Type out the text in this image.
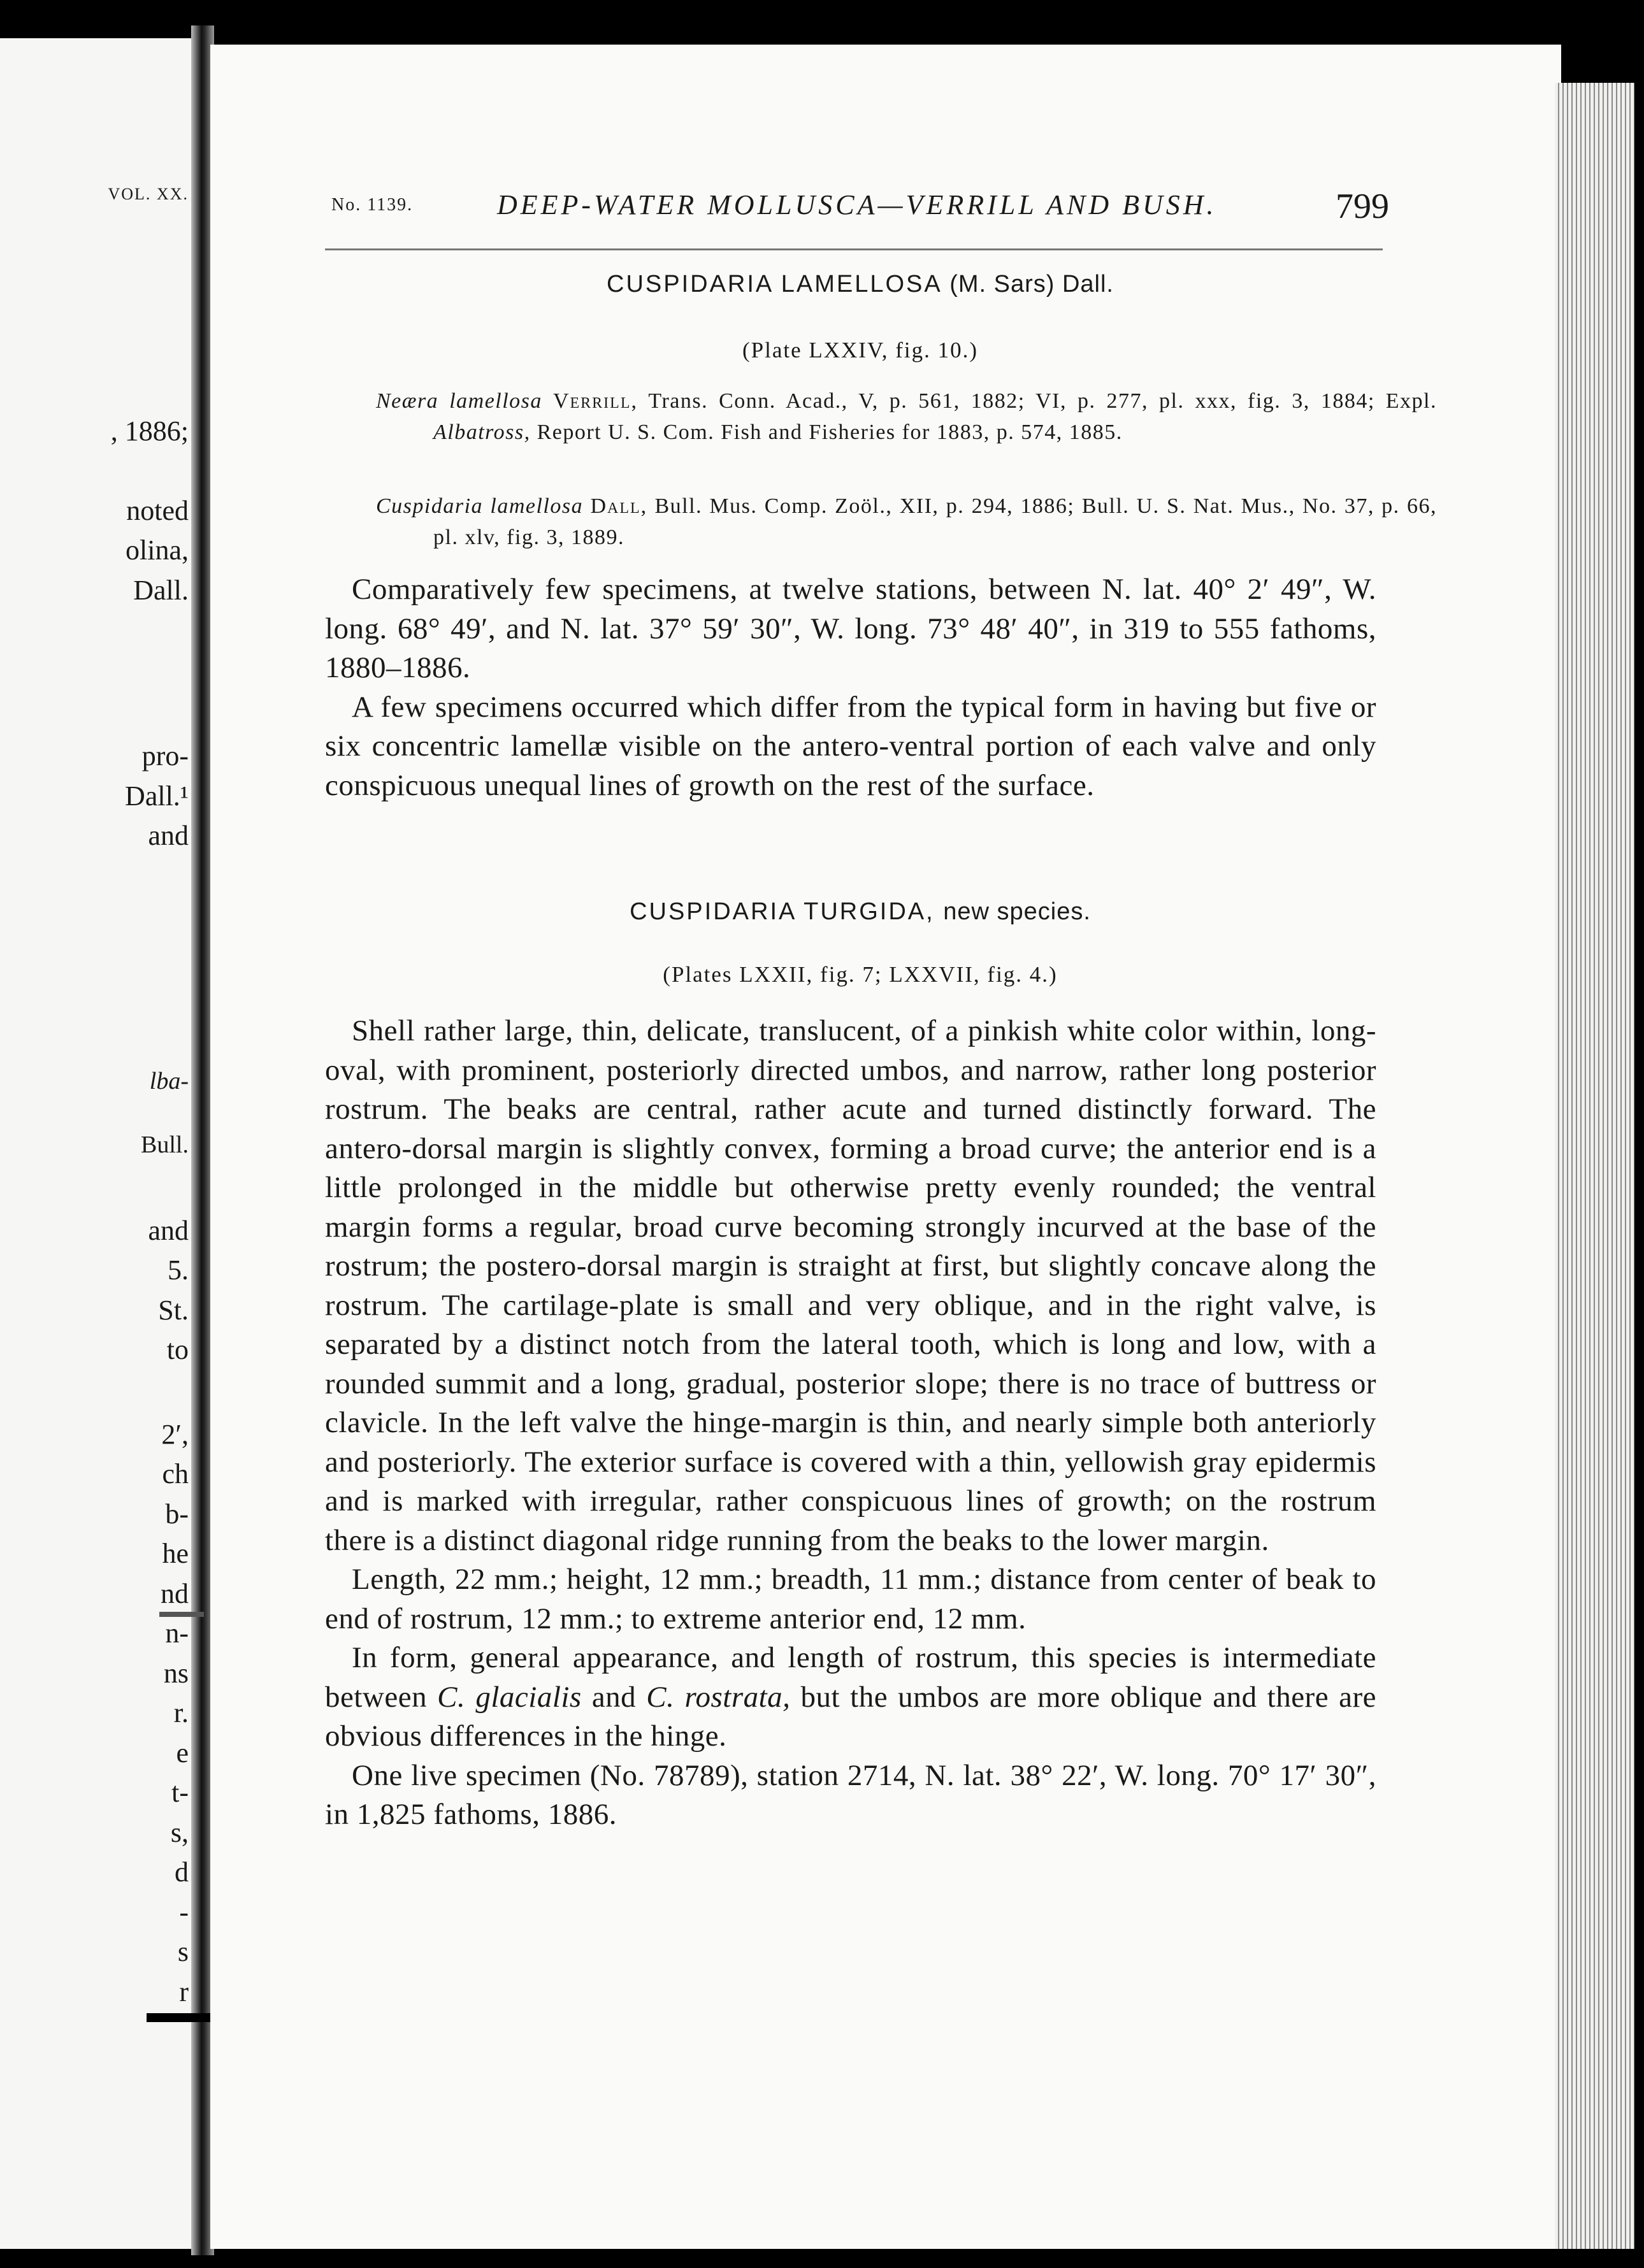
VOL. XX.
, 1886;
noted
olina,
Dall.
pro-
Dall.¹
and
lba-
Bull.
and
5.
St.
to
2′,
ch
b-
he
nd
n-
ns
r.
e
t-
s,
d
-
s
r
No. 1139.	DEEP-WATER MOLLUSCA—VERRILL AND BUSH.	799
CUSPIDARIA LAMELLOSA (M. Sars) Dall.
(Plate LXXIV, fig. 10.)
Neæra lamellosa Verrill, Trans. Conn. Acad., V, p. 561, 1882; VI, p. 277, pl. xxx, fig. 3, 1884; Expl. Albatross, Report U. S. Com. Fish and Fisheries for 1883, p. 574, 1885.
Cuspidaria lamellosa Dall, Bull. Mus. Comp. Zoöl., XII, p. 294, 1886; Bull. U. S. Nat. Mus., No. 37, p. 66, pl. xlv, fig. 3, 1889.

Comparatively few specimens, at twelve stations, between N. lat. 40° 2′ 49″, W. long. 68° 49′, and N. lat. 37° 59′ 30″, W. long. 73° 48′ 40″, in 319 to 555 fathoms, 1880–1886.

A few specimens occurred which differ from the typical form in having but five or six concentric lamellæ visible on the antero-ventral portion of each valve and only conspicuous unequal lines of growth on the rest of the surface.

CUSPIDARIA TURGIDA, new species.
(Plates LXXII, fig. 7; LXXVII, fig. 4.)

Shell rather large, thin, delicate, translucent, of a pinkish white color within, long-oval, with prominent, posteriorly directed umbos, and narrow, rather long posterior rostrum. The beaks are central, rather acute and turned distinctly forward. The antero-dorsal margin is slightly convex, forming a broad curve; the anterior end is a little prolonged in the middle but otherwise pretty evenly rounded; the ventral margin forms a regular, broad curve becoming strongly incurved at the base of the rostrum; the postero-dorsal margin is straight at first, but slightly concave along the rostrum. The cartilage-plate is small and very oblique, and in the right valve, is separated by a distinct notch from the lateral tooth, which is long and low, with a rounded summit and a long, gradual, posterior slope; there is no trace of buttress or clavicle. In the left valve the hinge-margin is thin, and nearly simple both anteriorly and posteriorly. The exterior surface is covered with a thin, yellowish gray epidermis and is marked with irregular, rather conspicuous lines of growth; on the rostrum there is a distinct diagonal ridge running from the beaks to the lower margin.

Length, 22 mm.; height, 12 mm.; breadth, 11 mm.; distance from center of beak to end of rostrum, 12 mm.; to extreme anterior end, 12 mm.

In form, general appearance, and length of rostrum, this species is intermediate between C. glacialis and C. rostrata, but the umbos are more oblique and there are obvious differences in the hinge.

One live specimen (No. 78789), station 2714, N. lat. 38° 22′, W. long. 70° 17′ 30″, in 1,825 fathoms, 1886.
